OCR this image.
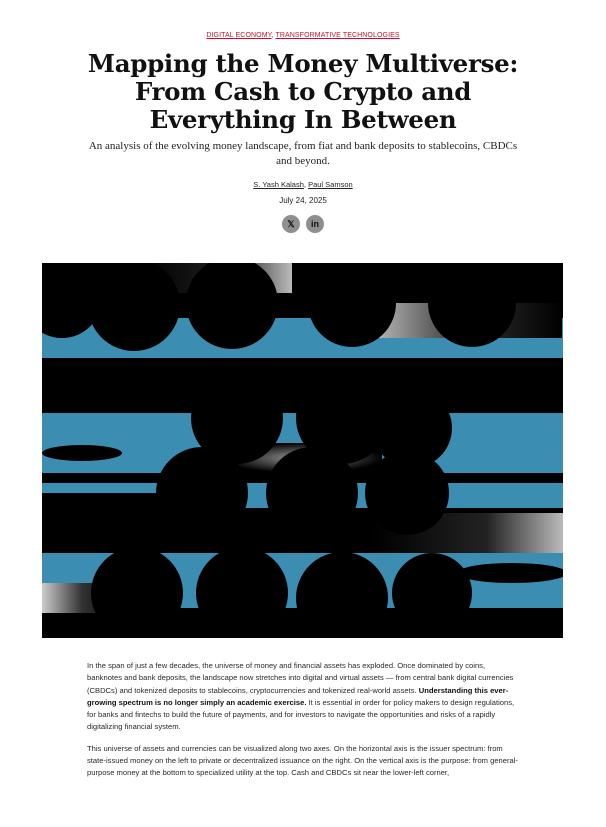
DIGITAL ECONOMY, TRANSFORMATIVE TECHNOLOGIES
Mapping the Money Multiverse:
From Cash to Crypto and
Everything In Between

An analysis of the evolving money landscape, from fiat and bank deposits to stablecoins, CBDCs
and beyond.

S. Yash Kalash, Paul Samson
July 24, 2025
𝕏 in

In the span of just a few decades, the universe of money and financial assets has exploded. Once dominated by coins, banknotes and bank deposits, the landscape now stretches into digital and virtual assets — from central bank digital currencies (CBDCs) and tokenized deposits to stablecoins, cryptocurrencies and tokenized real-world assets. Understanding this ever-growing spectrum is no longer simply an academic exercise. It is essential in order for policy makers to design regulations, for banks and fintechs to build the future of payments, and for investors to navigate the opportunities and risks of a rapidly digitalizing financial system.

This universe of assets and currencies can be visualized along two axes. On the horizontal axis is the issuer spectrum: from state-issued money on the left to private or decentralized issuance on the right. On the vertical axis is the purpose: from general-purpose money at the bottom to specialized utility at the top. Cash and CBDCs sit near the lower-left corner,
